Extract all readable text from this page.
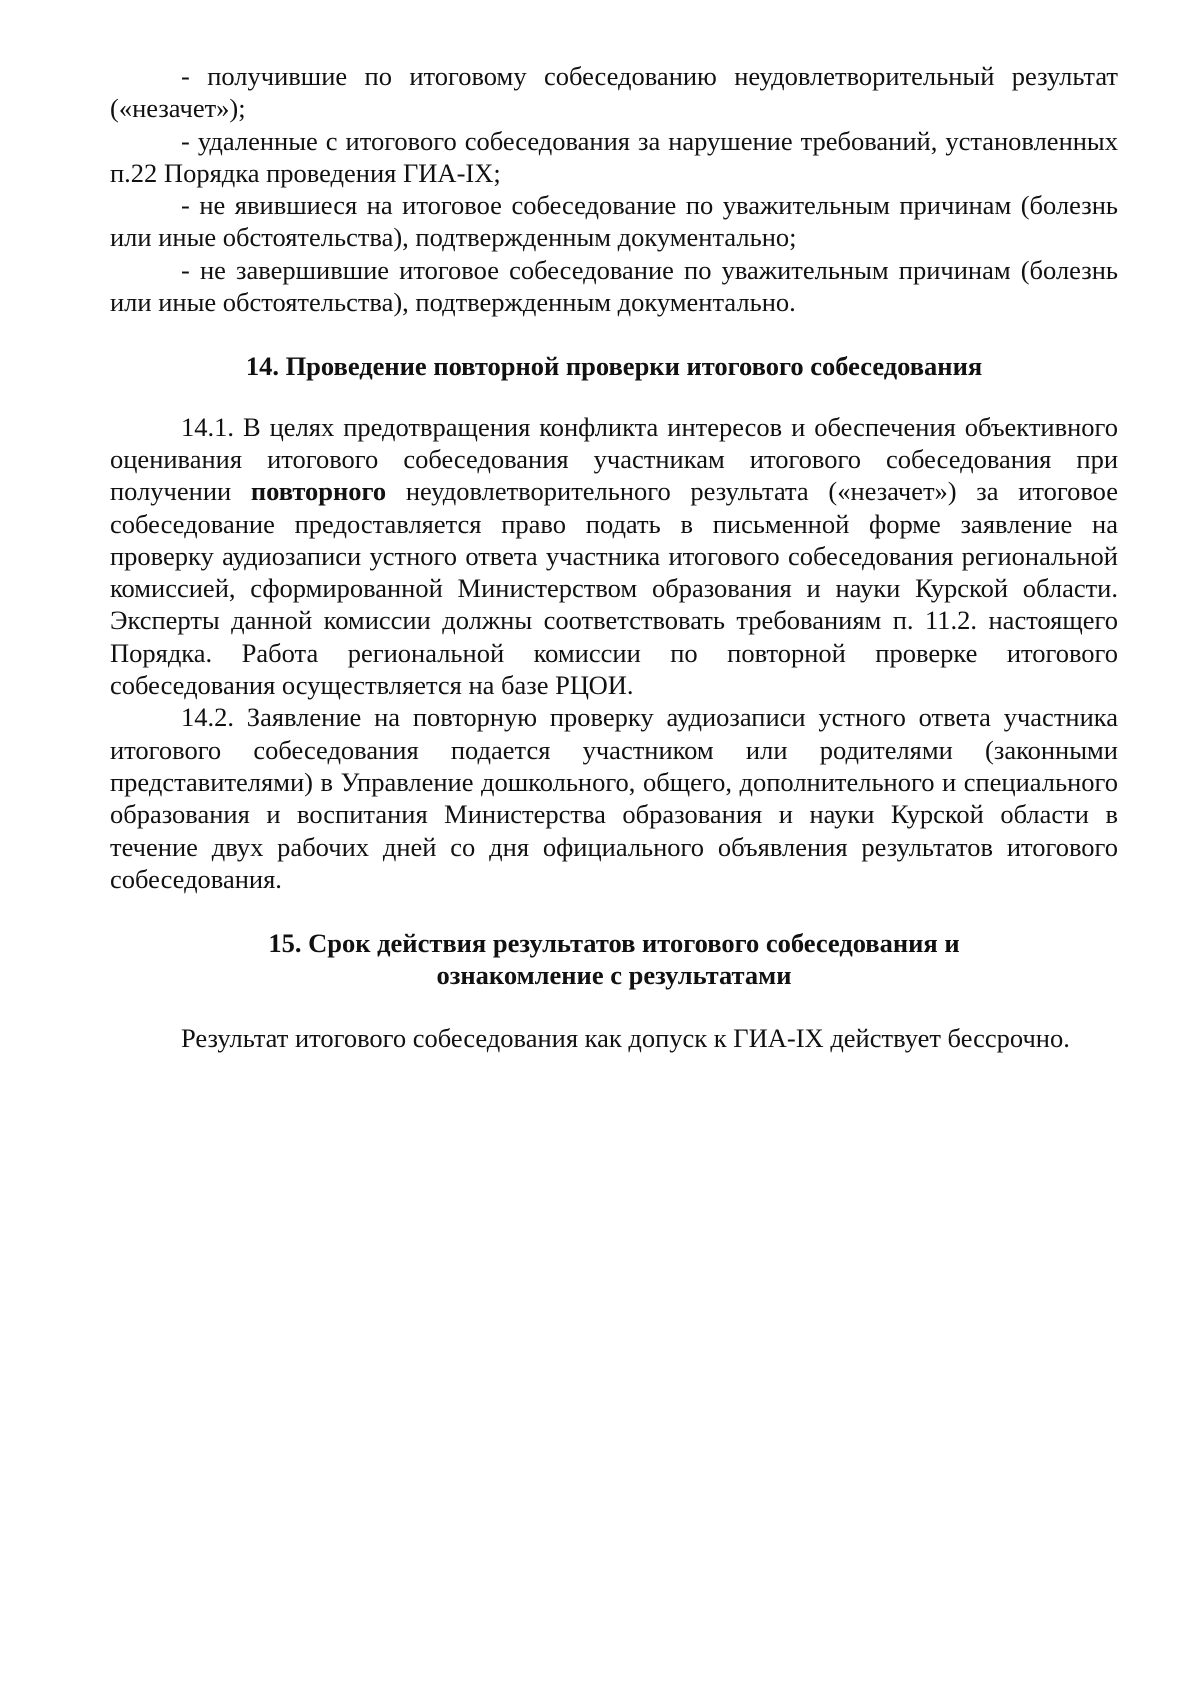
- получившие по итоговому собеседованию неудовлетворительный результат («незачет»);

- удаленные с итогового собеседования за нарушение требований, установленных п.22 Порядка проведения ГИА-IX;

- не явившиеся на итоговое собеседование по уважительным причинам (болезнь или иные обстоятельства), подтвержденным документально;

- не завершившие итоговое собеседование по уважительным причинам (болезнь или иные обстоятельства), подтвержденным документально.

14. Проведение повторной проверки итогового собеседования

14.1. В целях предотвращения конфликта интересов и обеспечения объективного оценивания итогового собеседования участникам итогового собеседования при получении повторного неудовлетворительного результата («незачет») за итоговое собеседование предоставляется право подать в письменной форме заявление на проверку аудиозаписи устного ответа участника итогового собеседования региональной комиссией, сформированной Министерством образования и науки Курской области. Эксперты данной комиссии должны соответствовать требованиям п. 11.2. настоящего Порядка. Работа региональной комиссии по повторной проверке итогового собеседования осуществляется на базе РЦОИ.

14.2. Заявление на повторную проверку аудиозаписи устного ответа участника итогового собеседования подается участником или родителями (законными представителями) в Управление дошкольного, общего, дополнительного и специального образования и воспитания Министерства образования и науки Курской области в течение двух рабочих дней со дня официального объявления результатов итогового собеседования.

15. Срок действия результатов итогового собеседования и
ознакомление с результатами

Результат итогового собеседования как допуск к ГИА-IX действует бессрочно.
